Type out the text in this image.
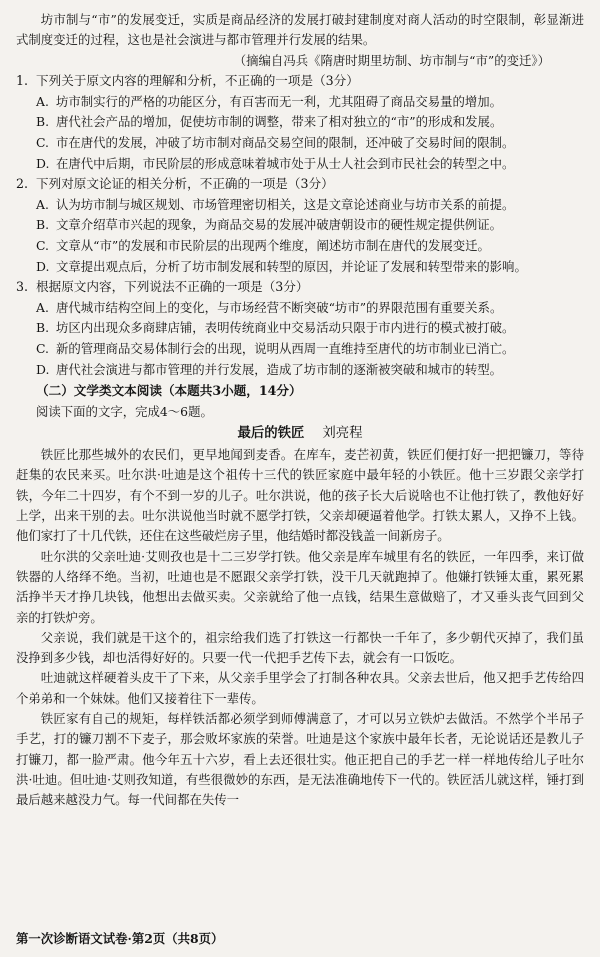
坊市制与“市”的发展变迁，实质是商品经济的发展打破封建制度对商人活动的时空限制，彰显渐进式制度变迁的过程，这也是社会演进与都市管理并行发展的结果。

（摘编自冯兵《隋唐时期里坊制、坊市制与“市”的变迁》）

1. 下列关于原文内容的理解和分析，不正确的一项是（3分）

A. 坊市制实行的严格的功能区分，有百害而无一利，尤其阻碍了商品交易量的增加。

B. 唐代社会产品的增加，促使坊市制的调整，带来了相对独立的“市”的形成和发展。

C. 市在唐代的发展，冲破了坊市制对商品交易空间的限制，还冲破了交易时间的限制。

D. 在唐代中后期，市民阶层的形成意味着城市处于从士人社会到市民社会的转型之中。

2. 下列对原文论证的相关分析，不正确的一项是（3分）

A. 认为坊市制与城区规划、市场管理密切相关，这是文章论述商业与坊市关系的前提。

B. 文章介绍草市兴起的现象，为商品交易的发展冲破唐朝设市的硬性规定提供例证。

C. 文章从“市”的发展和市民阶层的出现两个维度，阐述坊市制在唐代的发展变迁。

D. 文章提出观点后，分析了坊市制发展和转型的原因，并论证了发展和转型带来的影响。

3. 根据原文内容，下列说法不正确的一项是（3分）

A. 唐代城市结构空间上的变化，与市场经营不断突破“坊市”的界限范围有重要关系。

B. 坊区内出现众多商肆店铺，表明传统商业中交易活动只限于市内进行的模式被打破。

C. 新的管理商品交易体制行会的出现，说明从西周一直维持至唐代的坊市制业已消亡。

D. 唐代社会演进与都市管理的并行发展，造成了坊市制的逐渐被突破和城市的转型。

（二）文学类文本阅读（本题共3小题，14分）

阅读下面的文字，完成4～6题。

最后的铁匠 刘亮程

铁匠比那些城外的农民们，更早地闻到麦香。在库车，麦芒初黄，铁匠们便打好一把把镰刀，等待赶集的农民来买。吐尔洪·吐迪是这个祖传十三代的铁匠家庭中最年轻的小铁匠。他十三岁跟父亲学打铁，今年二十四岁，有个不到一岁的儿子。吐尔洪说，他的孩子长大后说啥也不让他打铁了，教他好好上学，出来干别的去。吐尔洪说他当时就不愿学打铁，父亲却硬逼着他学。打铁太累人，又挣不上钱。他们家打了十几代铁，还住在这些破烂房子里，他结婚时都没钱盖一间新房子。

吐尔洪的父亲吐迪·艾则孜也是十二三岁学打铁。他父亲是库车城里有名的铁匠，一年四季，来订做铁器的人络绎不绝。当初，吐迪也是不愿跟父亲学打铁，没干几天就跑掉了。他嫌打铁锤太重，累死累活挣半天才挣几块钱，他想出去做买卖。父亲就给了他一点钱，结果生意做赔了，才又垂头丧气回到父亲的打铁炉旁。

父亲说，我们就是干这个的，祖宗给我们选了打铁这一行都快一千年了，多少朝代灭掉了，我们虽没挣到多少钱，却也活得好好的。只要一代一代把手艺传下去，就会有一口饭吃。

吐迪就这样硬着头皮干了下来，从父亲手里学会了打制各种农具。父亲去世后，他又把手艺传给四个弟弟和一个妹妹。他们又接着往下一辈传。

铁匠家有自己的规矩，每样铁活都必须学到师傅满意了，才可以另立铁炉去做活。不然学个半吊子手艺，打的镰刀割不下麦子，那会败坏家族的荣誉。吐迪是这个家族中最年长者，无论说话还是教儿子打镰刀，都一脸严肃。他今年五十六岁，看上去还很壮实。他正把自己的手艺一样一样地传给儿子吐尔洪·吐迪。但吐迪·艾则孜知道，有些很微妙的东西，是无法准确地传下一代的。铁匠活儿就这样，锤打到最后越来越没力气。每一代间都在失传一

第一次诊断语文试卷·第2页（共8页）
